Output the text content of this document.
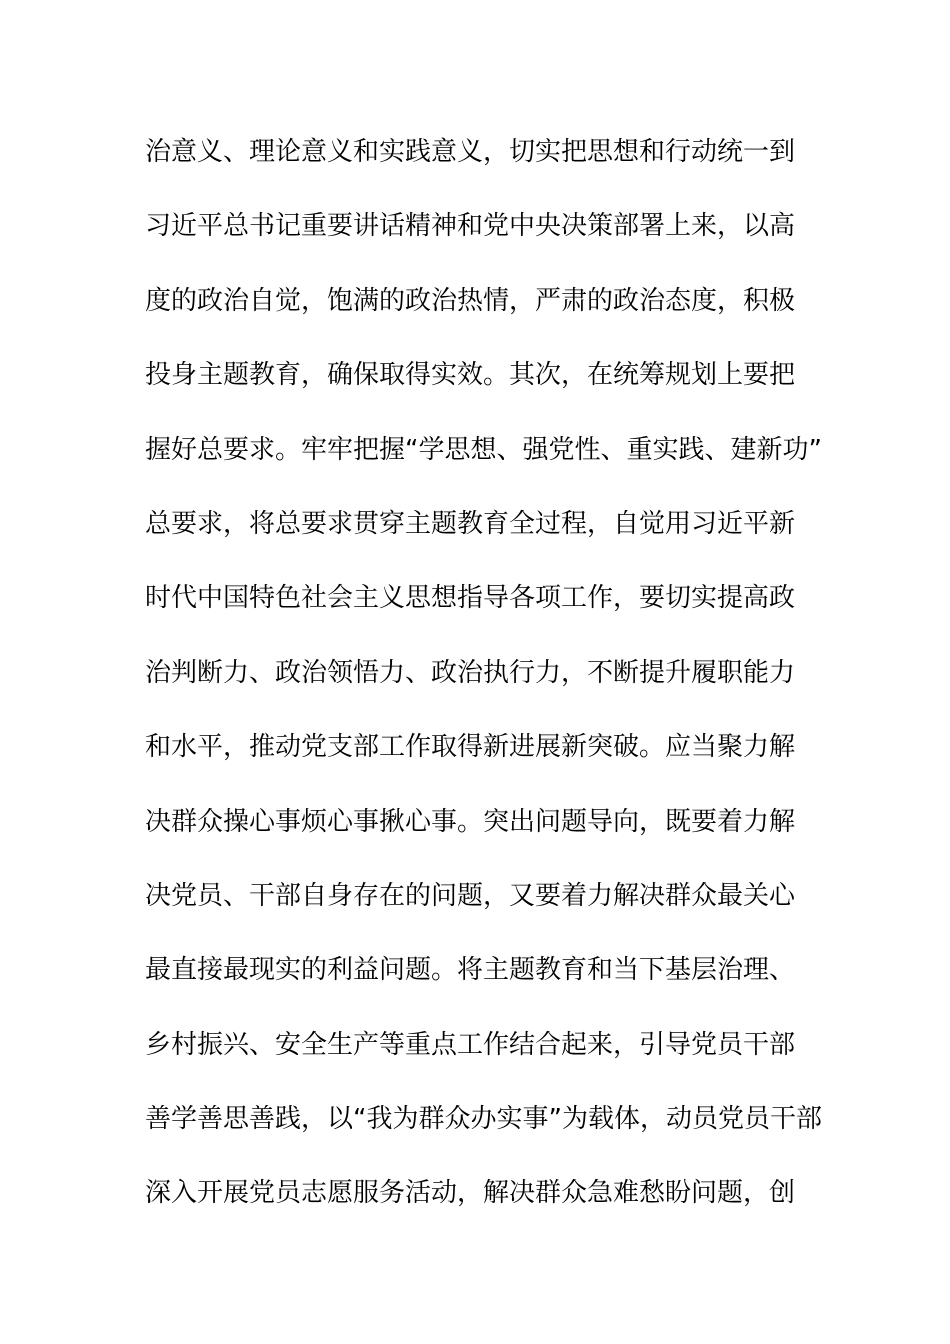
治意义、理论意义和实践意义，切实把思想和行动统一到
习近平总书记重要讲话精神和党中央决策部署上来，以高
度的政治自觉，饱满的政治热情，严肃的政治态度，积极
投身主题教育，确保取得实效。其次，在统筹规划上要把
握好总要求。牢牢把握“学思想、强党性、重实践、建新功”
总要求，将总要求贯穿主题教育全过程，自觉用习近平新
时代中国特色社会主义思想指导各项工作，要切实提高政
治判断力、政治领悟力、政治执行力，不断提升履职能力
和水平，推动党支部工作取得新进展新突破。应当聚力解
决群众操心事烦心事揪心事。突出问题导向，既要着力解
决党员、干部自身存在的问题，又要着力解决群众最关心
最直接最现实的利益问题。将主题教育和当下基层治理、
乡村振兴、安全生产等重点工作结合起来，引导党员干部
善学善思善践，以“我为群众办实事”为载体，动员党员干部
深入开展党员志愿服务活动，解决群众急难愁盼问题，创
